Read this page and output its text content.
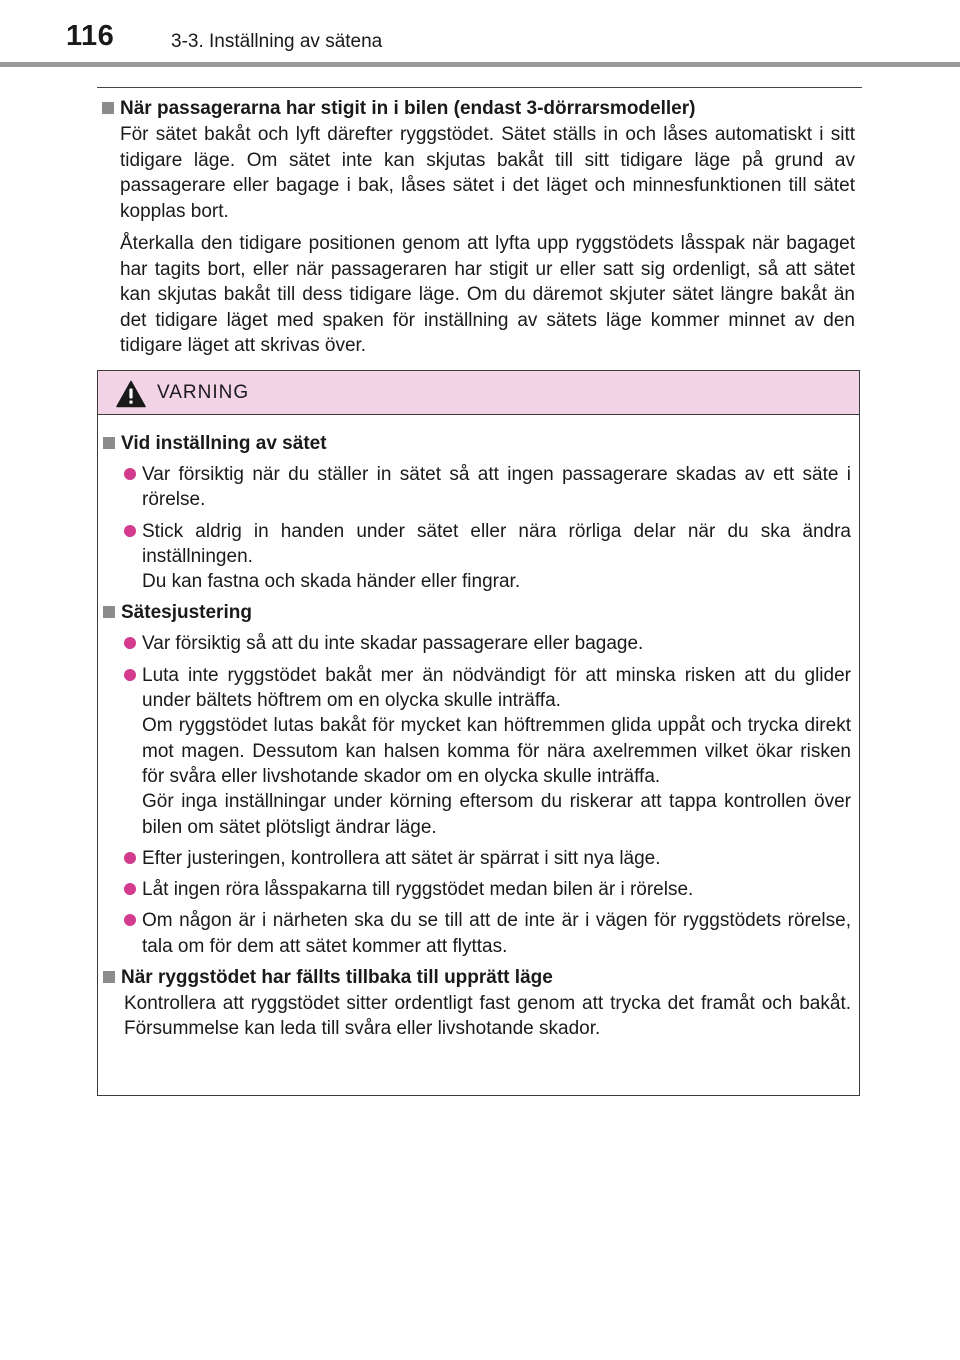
116	3-3. Inställning av sätena
När passagerarna har stigit in i bilen (endast 3-dörrarsmodeller)

För sätet bakåt och lyft därefter ryggstödet. Sätet ställs in och låses automatiskt i sitt tidigare läge. Om sätet inte kan skjutas bakåt till sitt tidigare läge på grund av passagerare eller bagage i bak, låses sätet i det läget och minnesfunktionen till sätet kopplas bort.

Återkalla den tidigare positionen genom att lyfta upp ryggstödets låsspak när bagaget har tagits bort, eller när passageraren har stigit ur eller satt sig ordenligt, så att sätet kan skjutas bakåt till dess tidigare läge. Om du däremot skjuter sätet längre bakåt än det tidigare läget med spaken för inställning av sätets läge kommer minnet av den tidigare läget att skrivas över.

VARNING
Vid inställning av sätet
Var försiktig när du ställer in sätet så att ingen passagerare skadas av ett säte i rörelse.
Stick aldrig in handen under sätet eller nära rörliga delar när du ska ändra inställningen.
Du kan fastna och skada händer eller fingrar.
Sätesjustering
Var försiktig så att du inte skadar passagerare eller bagage.
Luta inte ryggstödet bakåt mer än nödvändigt för att minska risken att du glider under bältets höftrem om en olycka skulle inträffa.
Om ryggstödet lutas bakåt för mycket kan höftremmen glida uppåt och trycka direkt mot magen. Dessutom kan halsen komma för nära axelremmen vilket ökar risken för svåra eller livshotande skador om en olycka skulle inträffa.
Gör inga inställningar under körning eftersom du riskerar att tappa kontrollen över bilen om sätet plötsligt ändrar läge.
Efter justeringen, kontrollera att sätet är spärrat i sitt nya läge.
Låt ingen röra låsspakarna till ryggstödet medan bilen är i rörelse.
Om någon är i närheten ska du se till att de inte är i vägen för ryggstödets rörelse, tala om för dem att sätet kommer att flyttas.
När ryggstödet har fällts tillbaka till upprätt läge
Kontrollera att ryggstödet sitter ordentligt fast genom att trycka det framåt och bakåt. Försummelse kan leda till svåra eller livshotande skador.
